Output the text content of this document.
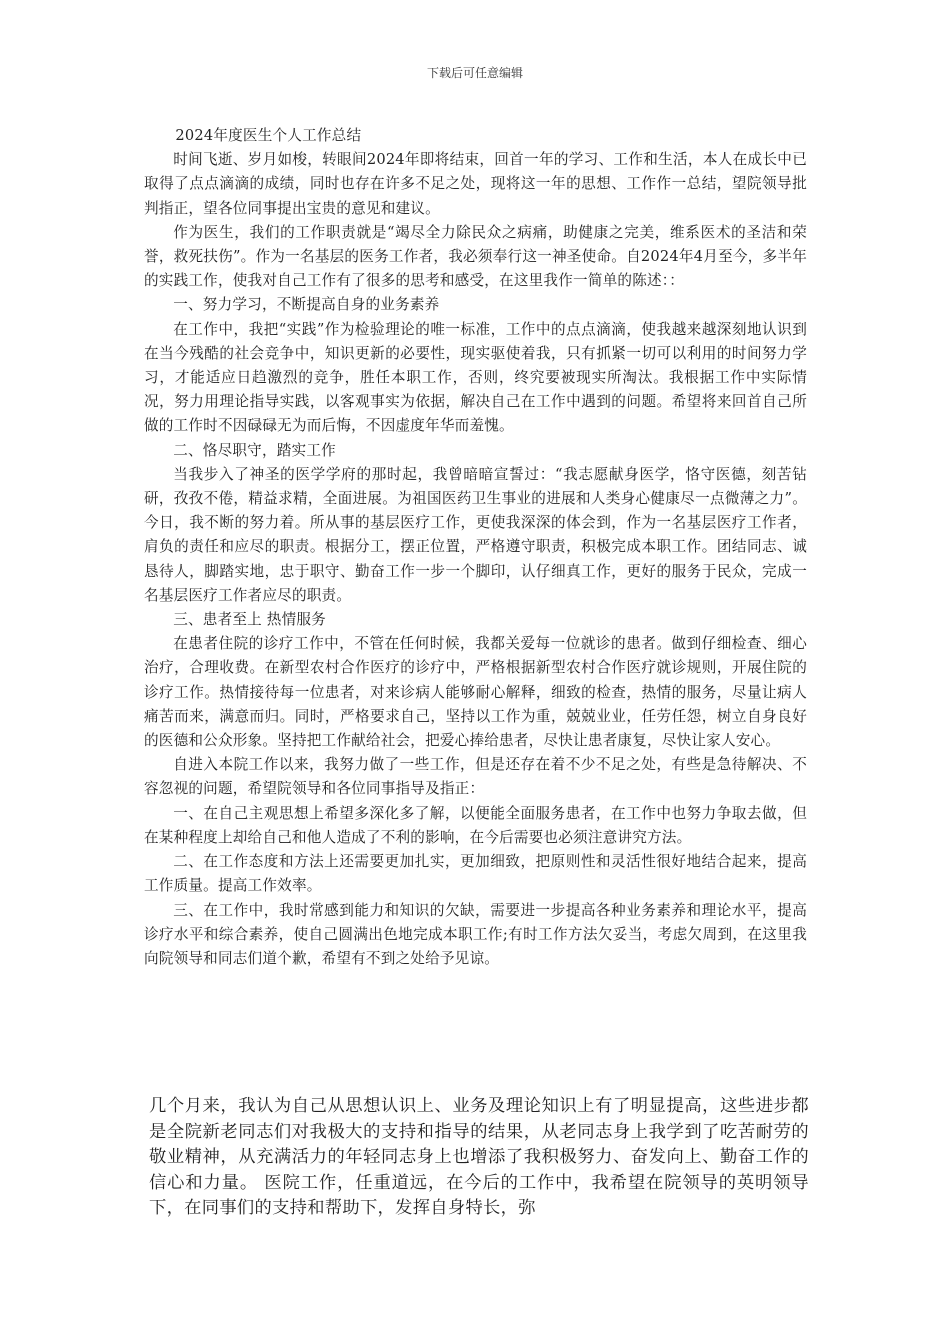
下载后可任意编辑

2024年度医生个人工作总结

时间飞逝、岁月如梭，转眼间2024年即将结束，回首一年的学习、工作和生活，本人在成长中已取得了点点滴滴的成绩，同时也存在许多不足之处，现将这一年的思想、工作作一总结，望院领导批判指正，望各位同事提出宝贵的意见和建议。

作为医生，我们的工作职责就是“竭尽全力除民众之病痛，助健康之完美，维系医术的圣洁和荣誉，救死扶伤”。作为一名基层的医务工作者，我必须奉行这一神圣使命。自2024年4月至今，多半年的实践工作，使我对自己工作有了很多的思考和感受，在这里我作一简单的陈述：：

一、努力学习，不断提高自身的业务素养

在工作中，我把“实践”作为检验理论的唯一标准，工作中的点点滴滴，使我越来越深刻地认识到在当今残酷的社会竞争中，知识更新的必要性，现实驱使着我，只有抓紧一切可以利用的时间努力学习，才能适应日趋激烈的竞争，胜任本职工作，否则，终究要被现实所淘汰。我根据工作中实际情况，努力用理论指导实践，以客观事实为依据，解决自己在工作中遇到的问题。希望将来回首自己所做的工作时不因碌碌无为而后悔，不因虚度年华而羞愧。

二、恪尽职守，踏实工作

当我步入了神圣的医学学府的那时起，我曾暗暗宣誓过：“我志愿献身医学，恪守医德，刻苦钻研，孜孜不倦，精益求精，全面进展。为祖国医药卫生事业的进展和人类身心健康尽一点微薄之力”。今日，我不断的努力着。所从事的基层医疗工作，更使我深深的体会到，作为一名基层医疗工作者，肩负的责任和应尽的职责。根据分工，摆正位置，严格遵守职责，积极完成本职工作。团结同志、诚恳待人，脚踏实地，忠于职守、勤奋工作一步一个脚印，认仔细真工作，更好的服务于民众，完成一名基层医疗工作者应尽的职责。

三、患者至上 热情服务

在患者住院的诊疗工作中，不管在任何时候，我都关爱每一位就诊的患者。做到仔细检查、细心治疗，合理收费。在新型农村合作医疗的诊疗中，严格根据新型农村合作医疗就诊规则，开展住院的诊疗工作。热情接待每一位患者，对来诊病人能够耐心解释，细致的检查，热情的服务，尽量让病人痛苦而来，满意而归。同时，严格要求自己，坚持以工作为重，兢兢业业，任劳任怨，树立自身良好的医德和公众形象。坚持把工作献给社会，把爱心捧给患者，尽快让患者康复，尽快让家人安心。

自进入本院工作以来，我努力做了一些工作，但是还存在着不少不足之处，有些是急待解决、不容忽视的问题，希望院领导和各位同事指导及指正：

一、在自己主观思想上希望多深化多了解，以便能全面服务患者，在工作中也努力争取去做，但在某种程度上却给自己和他人造成了不利的影响，在今后需要也必须注意讲究方法。

二、在工作态度和方法上还需要更加扎实，更加细致，把原则性和灵活性很好地结合起来，提高工作质量。提高工作效率。

三、在工作中，我时常感到能力和知识的欠缺，需要进一步提高各种业务素养和理论水平，提高诊疗水平和综合素养，使自己圆满出色地完成本职工作;有时工作方法欠妥当，考虑欠周到，在这里我向院领导和同志们道个歉，希望有不到之处给予见谅。

几个月来，我认为自己从思想认识上、业务及理论知识上有了明显提高，这些进步都是全院新老同志们对我极大的支持和指导的结果，从老同志身上我学到了吃苦耐劳的敬业精神，从充满活力的年轻同志身上也增添了我积极努力、奋发向上、勤奋工作的信心和力量。 医院工作，任重道远，在今后的工作中，我希望在院领导的英明领导下，在同事们的支持和帮助下，发挥自身特长，弥
